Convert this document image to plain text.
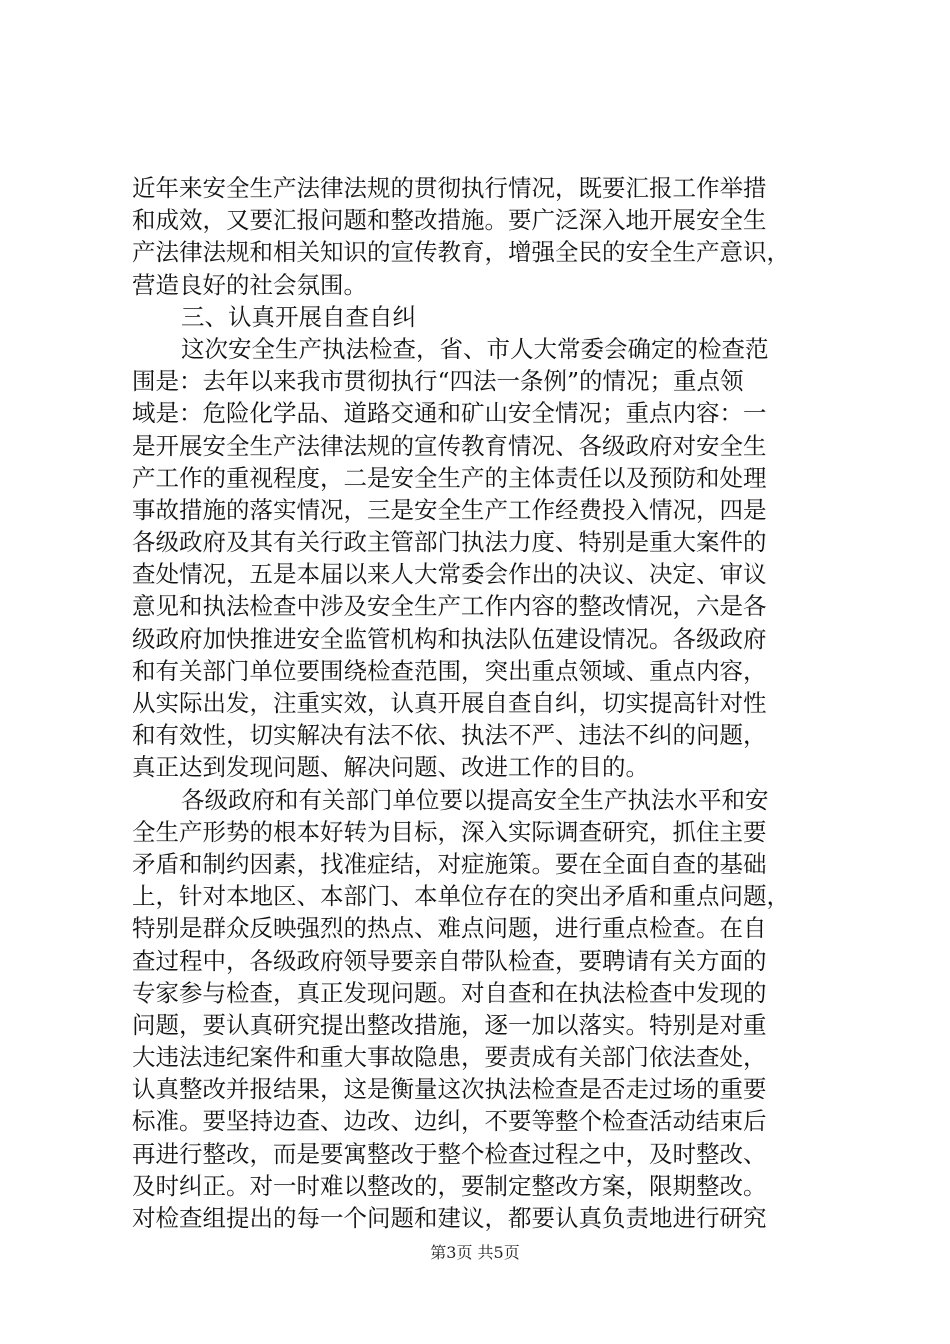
近年来安全生产法律法规的贯彻执行情况，既要汇报工作举措
和成效，又要汇报问题和整改措施。要广泛深入地开展安全生
产法律法规和相关知识的宣传教育，增强全民的安全生产意识，
营造良好的社会氛围。
三、认真开展自查自纠
这次安全生产执法检查，省、市人大常委会确定的检查范
围是：去年以来我市贯彻执行“四法一条例”的情况；重点领
域是：危险化学品、道路交通和矿山安全情况；重点内容：一
是开展安全生产法律法规的宣传教育情况、各级政府对安全生
产工作的重视程度，二是安全生产的主体责任以及预防和处理
事故措施的落实情况，三是安全生产工作经费投入情况，四是
各级政府及其有关行政主管部门执法力度、特别是重大案件的
查处情况，五是本届以来人大常委会作出的决议、决定、审议
意见和执法检查中涉及安全生产工作内容的整改情况，六是各
级政府加快推进安全监管机构和执法队伍建设情况。各级政府
和有关部门单位要围绕检查范围，突出重点领域、重点内容，
从实际出发，注重实效，认真开展自查自纠，切实提高针对性
和有效性，切实解决有法不依、执法不严、违法不纠的问题，
真正达到发现问题、解决问题、改进工作的目的。
各级政府和有关部门单位要以提高安全生产执法水平和安
全生产形势的根本好转为目标，深入实际调查研究，抓住主要
矛盾和制约因素，找准症结，对症施策。要在全面自查的基础
上，针对本地区、本部门、本单位存在的突出矛盾和重点问题，
特别是群众反映强烈的热点、难点问题，进行重点检查。在自
查过程中，各级政府领导要亲自带队检查，要聘请有关方面的
专家参与检查，真正发现问题。对自查和在执法检查中发现的
问题，要认真研究提出整改措施，逐一加以落实。特别是对重
大违法违纪案件和重大事故隐患，要责成有关部门依法查处，
认真整改并报结果，这是衡量这次执法检查是否走过场的重要
标准。要坚持边查、边改、边纠，不要等整个检查活动结束后
再进行整改，而是要寓整改于整个检查过程之中，及时整改、
及时纠正。对一时难以整改的，要制定整改方案，限期整改。
对检查组提出的每一个问题和建议，都要认真负责地进行研究
第3页 共5页
